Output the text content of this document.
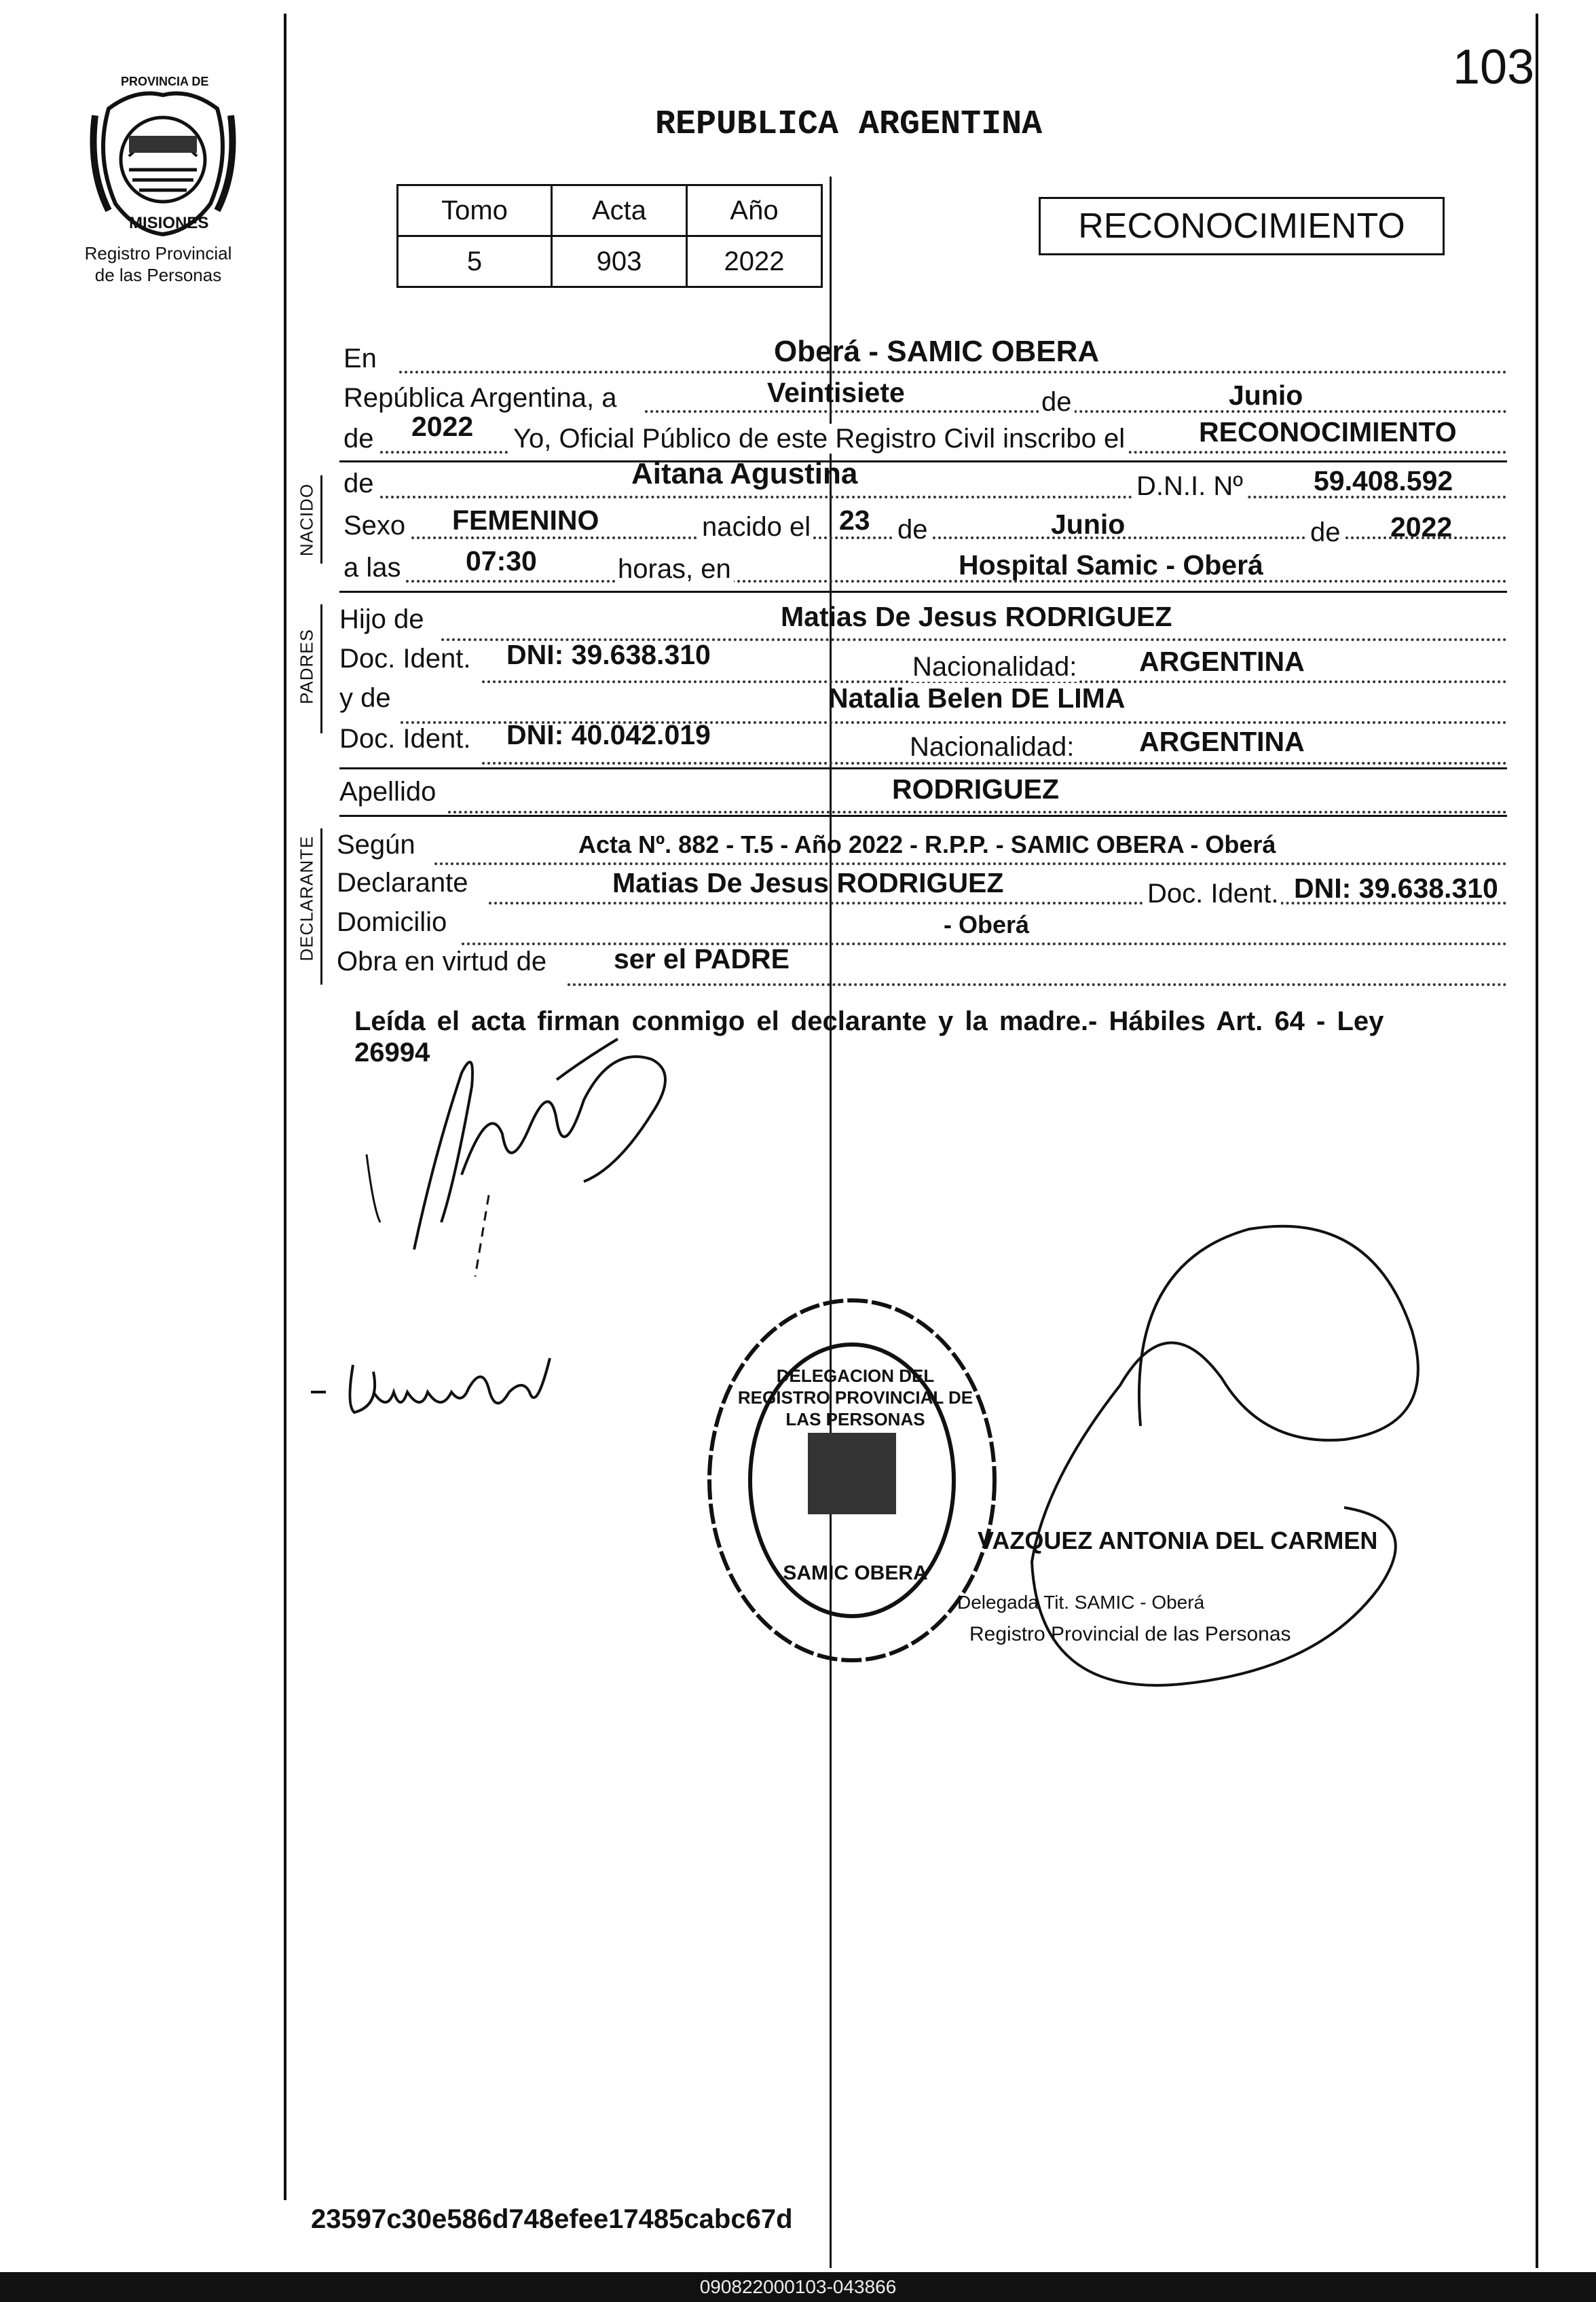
103
PROVINCIA DE
MISIONES
Registro Provincial
de las Personas
REPUBLICA ARGENTINA
Tomo	Acta	Año
5	903	2022
RECONOCIMIENTO
En	Oberá - SAMIC OBERA
República Argentina, a	Veintisiete	de	Junio
de 2022 Yo, Oficial Público de este Registro Civil inscribo el	RECONOCIMIENTO
NACIDO de	Aitana Agustina	D.N.I. Nº	59.408.592
Sexo FEMENINO	nacido el 23 de	Junio	de 2022
a las 07:30	horas, en	Hospital Samic - Oberá
PADRES
Hijo de	Matias De Jesus RODRIGUEZ
Doc. Ident. DNI: 39.638.310	Nacionalidad: ARGENTINA
y de	Natalia Belen DE LIMA
Doc. Ident. DNI: 40.042.019	Nacionalidad: ARGENTINA
Apellido	RODRIGUEZ
DECLARANTE Según	Acta Nº. 882 - T.5 - Año 2022 - R.P.P. - SAMIC OBERA - Oberá
Declarante	Matias De Jesus RODRIGUEZ	Doc. Ident. DNI: 39.638.310
Domicilio	- Oberá
Obra en virtud de ser el PADRE
Leída el acta firman conmigo el declarante y la madre.- Hábiles Art. 64 - Ley
26994
DELEGACION DEL REGISTRO PROVINCIAL DE LAS PERSONAS
SAMIC OBERA
VAZQUEZ ANTONIA DEL CARMEN
Delegada Tit. SAMIC - Oberá
Registro Provincial de las Personas
23597c30e586d748efee17485cabc67d
090822000103-043866
